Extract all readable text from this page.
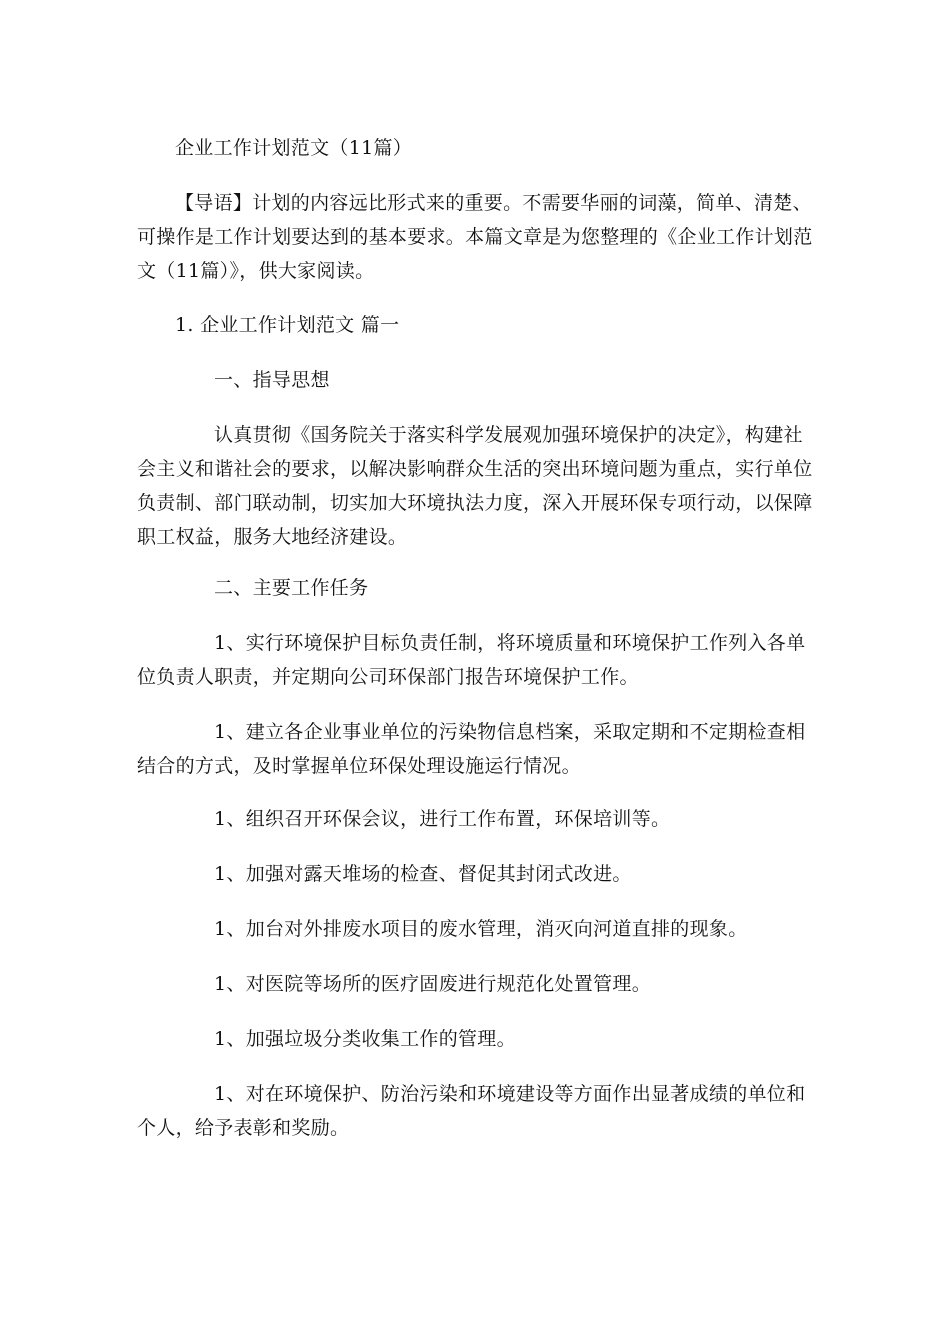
企业工作计划范文（11篇）
【导语】计划的内容远比形式来的重要。不需要华丽的词藻，简单、清楚、
可操作是工作计划要达到的基本要求。本篇文章是为您整理的《企业工作计划范
文（11篇）》，供大家阅读。
1. 企业工作计划范文 篇一
一、指导思想
认真贯彻《国务院关于落实科学发展观加强环境保护的决定》，构建社
会主义和谐社会的要求，以解决影响群众生活的突出环境问题为重点，实行单位
负责制、部门联动制，切实加大环境执法力度，深入开展环保专项行动，以保障
职工权益，服务大地经济建设。
二、主要工作任务
1、实行环境保护目标负责任制，将环境质量和环境保护工作列入各单
位负责人职责，并定期向公司环保部门报告环境保护工作。
1、建立各企业事业单位的污染物信息档案，采取定期和不定期检查相
结合的方式，及时掌握单位环保处理设施运行情况。
1、组织召开环保会议，进行工作布置，环保培训等。
1、加强对露天堆场的检查、督促其封闭式改进。
1、加台对外排废水项目的废水管理，消灭向河道直排的现象。
1、对医院等场所的医疗固废进行规范化处置管理。
1、加强垃圾分类收集工作的管理。
1、对在环境保护、防治污染和环境建设等方面作出显著成绩的单位和
个人，给予表彰和奖励。
